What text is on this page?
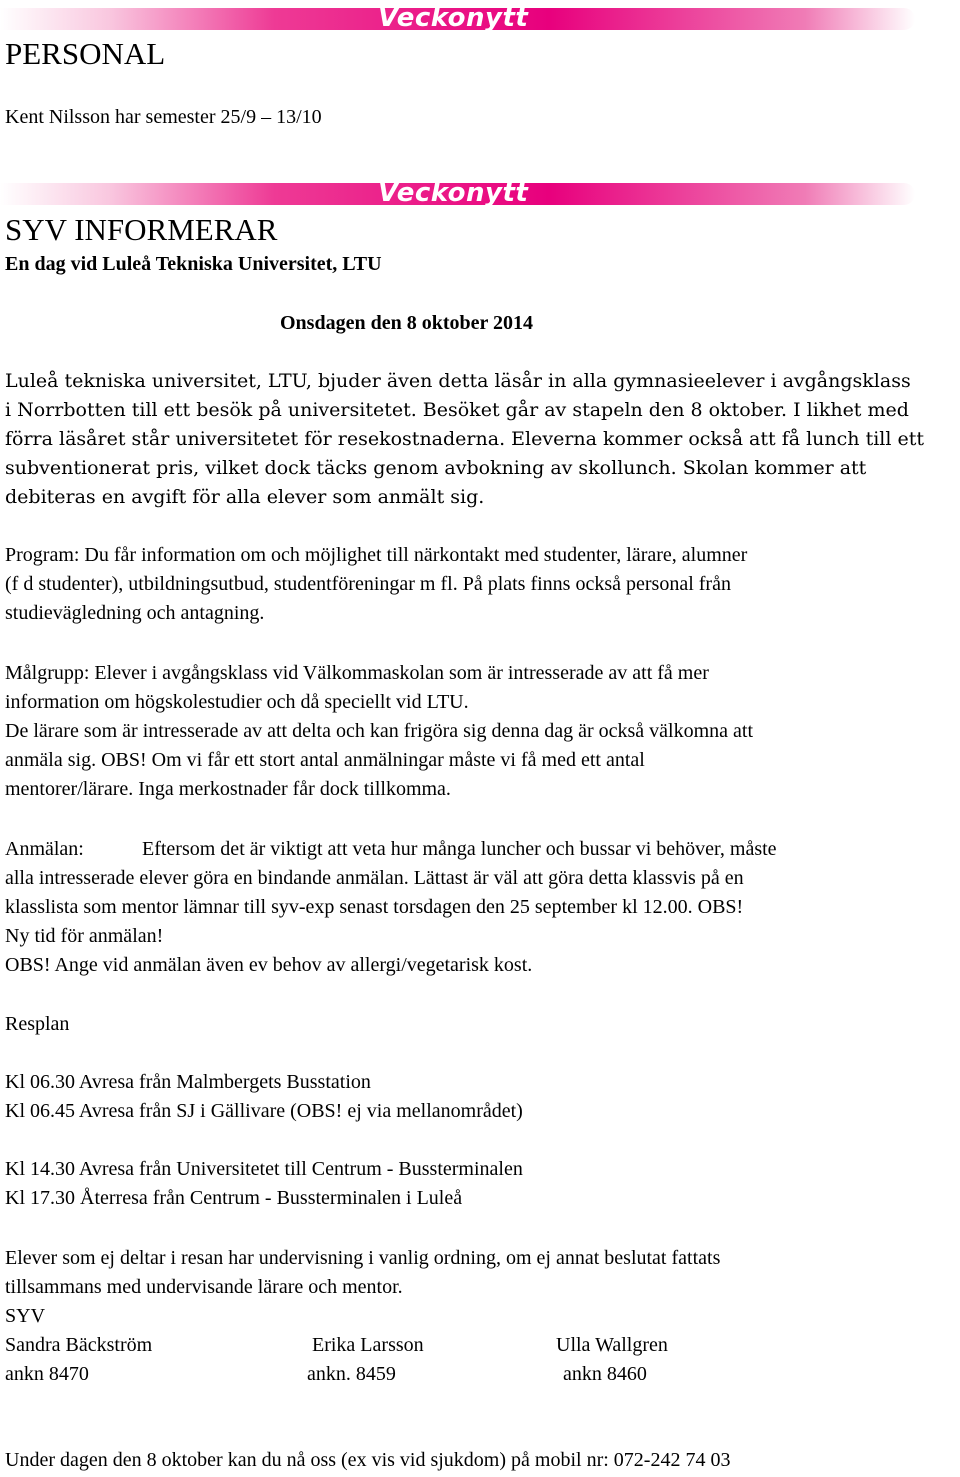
Veckonytt
PERSONAL
Kent Nilsson har semester 25/9 – 13/10
Veckonytt
SYV INFORMERAR
En dag vid Luleå Tekniska Universitet, LTU
Onsdagen den 8 oktober 2014

Luleå tekniska universitet, LTU, bjuder även detta läsår in alla gymnasieelever i avgångsklass

i Norrbotten till ett besök på universitetet. Besöket går av stapeln den 8 oktober. I likhet med

förra läsåret står universitetet för resekostnaderna. Eleverna kommer också att få lunch till ett

subventionerat pris, vilket dock täcks genom avbokning av skollunch. Skolan kommer att

debiteras en avgift för alla elever som anmält sig.

Program: Du får information om och möjlighet till närkontakt med studenter, lärare, alumner

(f d studenter), utbildningsutbud, studentföreningar m fl. På plats finns också personal från

studievägledning och antagning.

Målgrupp: Elever i avgångsklass vid Välkommaskolan som är intresserade av att få mer

information om högskolestudier och då speciellt vid LTU.

De lärare som är intresserade av att delta och kan frigöra sig denna dag är också välkomna att

anmäla sig. OBS! Om vi får ett stort antal anmälningar måste vi få med ett antal

mentorer/lärare. Inga merkostnader får dock tillkomma.

Anmälan:	Eftersom det är viktigt att veta hur många luncher och bussar vi behöver, måste

alla intresserade elever göra en bindande anmälan. Lättast är väl att göra detta klassvis på en

klasslista som mentor lämnar till syv-exp senast torsdagen den 25 september kl 12.00. OBS!

Ny tid för anmälan!

OBS! Ange vid anmälan även ev behov av allergi/vegetarisk kost.

Resplan

Kl 06.30 Avresa från Malmbergets Busstation

Kl 06.45 Avresa från SJ i Gällivare (OBS! ej via mellanområdet)

Kl 14.30 Avresa från Universitetet till Centrum - Bussterminalen

Kl 17.30 Återresa från Centrum - Bussterminalen i Luleå

Elever som ej deltar i resan har undervisning i vanlig ordning, om ej annat beslutat fattats

tillsammans med undervisande lärare och mentor.

SYV

Sandra Bäckström

ankn 8470

Erika Larsson

ankn. 8459

Ulla Wallgren

ankn 8460

Under dagen den 8 oktober kan du nå oss (ex vis vid sjukdom) på mobil nr: 072-242 74 03
